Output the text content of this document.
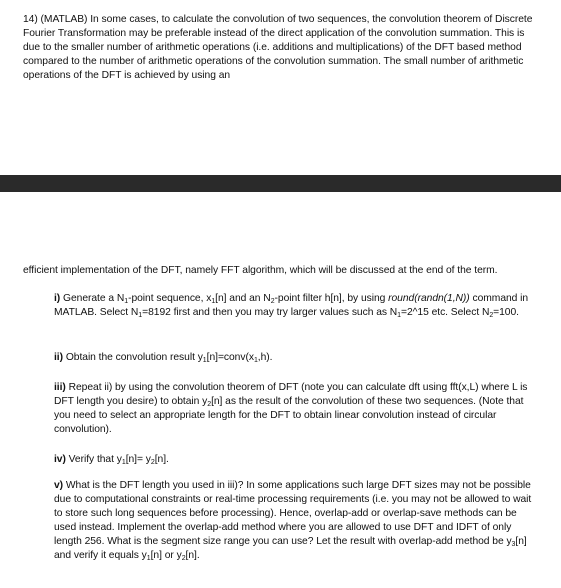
14) (MATLAB) In some cases, to calculate the convolution of two sequences, the convolution theorem of Discrete Fourier Transformation may be preferable instead of the direct application of the convolution summation. This is due to the smaller number of arithmetic operations (i.e. additions and multiplications) of the DFT based method compared to the number of arithmetic operations of the convolution summation. The small number of arithmetic operations of the DFT is achieved by using an

efficient implementation of the DFT, namely FFT algorithm, which will be discussed at the end of the term.

i) Generate a $N_1$-point sequence, $x_1[n]$ and an $N_2$-point filter h[n], by using round(randn(1,N)) command in MATLAB. Select $N_1=8192$ first and then you may try larger values such as $N_1=2\^{}15$ etc. Select $N_2=100$.

ii) Obtain the convolution result $y_1[n]=conv(x_1,h)$.

iii) Repeat ii) by using the convolution theorem of DFT (note you can calculate dft using fft(x,L) where L is DFT length you desire) to obtain $y_2[n]$ as the result of the convolution of these two sequences. (Note that you need to select an appropriate length for the DFT to obtain linear convolution instead of circular convolution).

iv) Verify that $y_1[n]= y_2[n]$.

v) What is the DFT length you used in iii)? In some applications such large DFT sizes may not be possible due to computational constraints or real-time processing requirements (i.e. you may not be allowed to wait to store such long sequences before processing). Hence, overlap-add or overlap-save methods can be used instead. Implement the overlap-add method where you are allowed to use DFT and IDFT of only length 256. What is the segment size range you can use? Let the result with overlap-add method be $y_3[n]$ and verify it equals $y_1[n]$ or $y_2[n]$.
